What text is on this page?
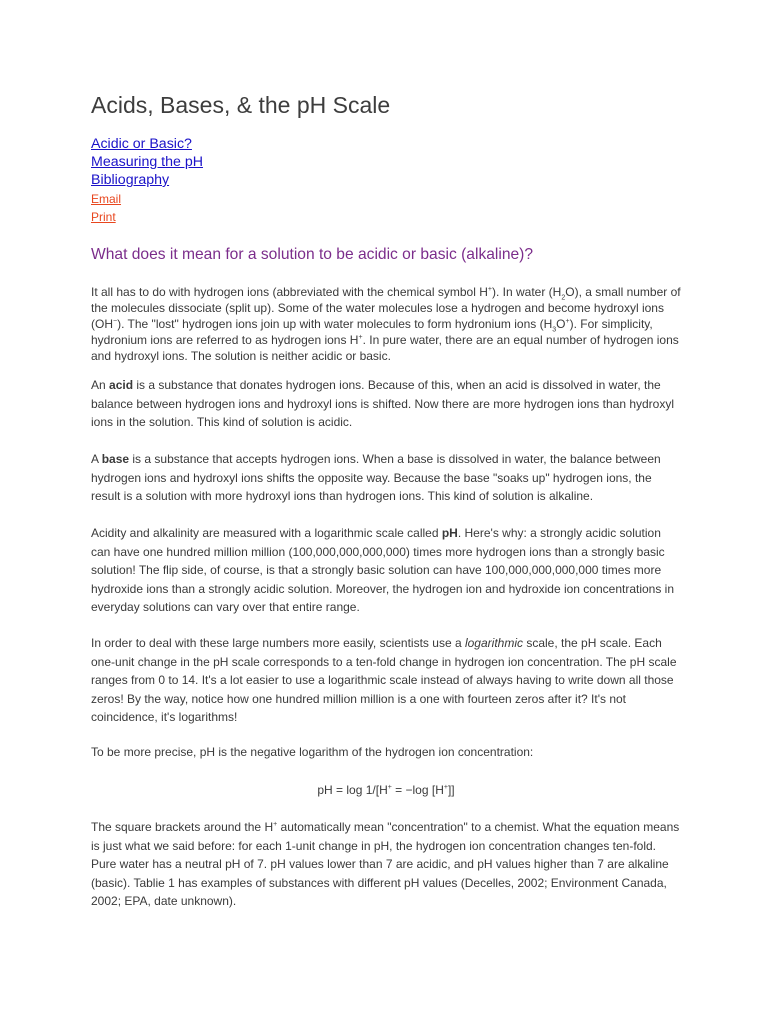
Acids, Bases, & the pH Scale
Acidic or Basic?
Measuring the pH
Bibliography
Email
Print
What does it mean for a solution to be acidic or basic (alkaline)?

It all has to do with hydrogen ions (abbreviated with the chemical symbol H+). In water $(H_2O)$, a small number of the molecules dissociate (split up). Some of the water molecules lose a hydrogen and become hydroxyl ions (OH−). The "lost" hydrogen ions join up with water molecules to form hydronium ions $(H_3O^+)$. For simplicity, hydronium ions are referred to as hydrogen ions H+. In pure water, there are an equal number of hydrogen ions and hydroxyl ions. The solution is neither acidic or basic.

An acid is a substance that donates hydrogen ions. Because of this, when an acid is dissolved in water, the balance between hydrogen ions and hydroxyl ions is shifted. Now there are more hydrogen ions than hydroxyl ions in the solution. This kind of solution is acidic.

A base is a substance that accepts hydrogen ions. When a base is dissolved in water, the balance between hydrogen ions and hydroxyl ions shifts the opposite way. Because the base "soaks up" hydrogen ions, the result is a solution with more hydroxyl ions than hydrogen ions. This kind of solution is alkaline.

Acidity and alkalinity are measured with a logarithmic scale called pH. Here's why: a strongly acidic solution can have one hundred million million (100,000,000,000,000) times more hydrogen ions than a strongly basic solution! The flip side, of course, is that a strongly basic solution can have 100,000,000,000,000 times more hydroxide ions than a strongly acidic solution. Moreover, the hydrogen ion and hydroxide ion concentrations in everyday solutions can vary over that entire range.

In order to deal with these large numbers more easily, scientists use a logarithmic scale, the pH scale. Each one-unit change in the pH scale corresponds to a ten-fold change in hydrogen ion concentration. The pH scale ranges from 0 to 14. It's a lot easier to use a logarithmic scale instead of always having to write down all those zeros! By the way, notice how one hundred million million is a one with fourteen zeros after it? It's not coincidence, it's logarithms!

To be more precise, pH is the negative logarithm of the hydrogen ion concentration:

pH = log 1/[H+ = −log [H+]]

The square brackets around the H+ automatically mean "concentration" to a chemist. What the equation means is just what we said before: for each 1-unit change in pH, the hydrogen ion concentration changes ten-fold. Pure water has a neutral pH of 7. pH values lower than 7 are acidic, and pH values higher than 7 are alkaline (basic). Tablie 1 has examples of substances with different pH values (Decelles, 2002; Environment Canada, 2002; EPA, date unknown).
